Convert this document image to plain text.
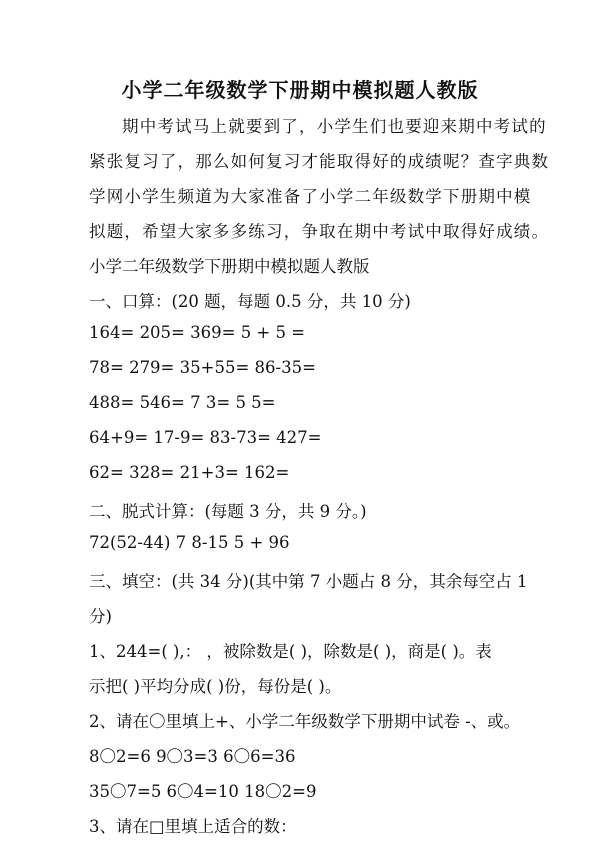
小学二年级数学下册期中模拟题人教版
期中考试马上就要到了，小学生们也要迎来期中考试的
紧张复习了，那么如何复习才能取得好的成绩呢？查字典数
学网小学生频道为大家准备了小学二年级数学下册期中模
拟题，希望大家多多练习，争取在期中考试中取得好成绩。
小学二年级数学下册期中模拟题人教版
一、口算：(20 题，每题 0.5 分，共 10 分)
164= 205= 369= 5 + 5 =
78= 279= 35+55= 86-35=
488= 546= 7 3= 5 5=
64+9= 17-9= 83-73= 427=
62= 328= 21+3= 162=
二、脱式计算：(每题 3 分，共 9 分。)
72(52-44) 7 8-15 5 + 96
三、填空：(共 34 分)(其中第 7 小题占 8 分，其余每空占 1
分)
1、244=( ),： ，被除数是( )，除数是( )，商是( )。表
示把( )平均分成( )份，每份是( )。
2、请在〇里填上+、小学二年级数学下册期中试卷 -、或。
8〇2=6 9〇3=3 6〇6=36
35〇7=5 6〇4=10 18〇2=9
3、请在□里填上适合的数：
